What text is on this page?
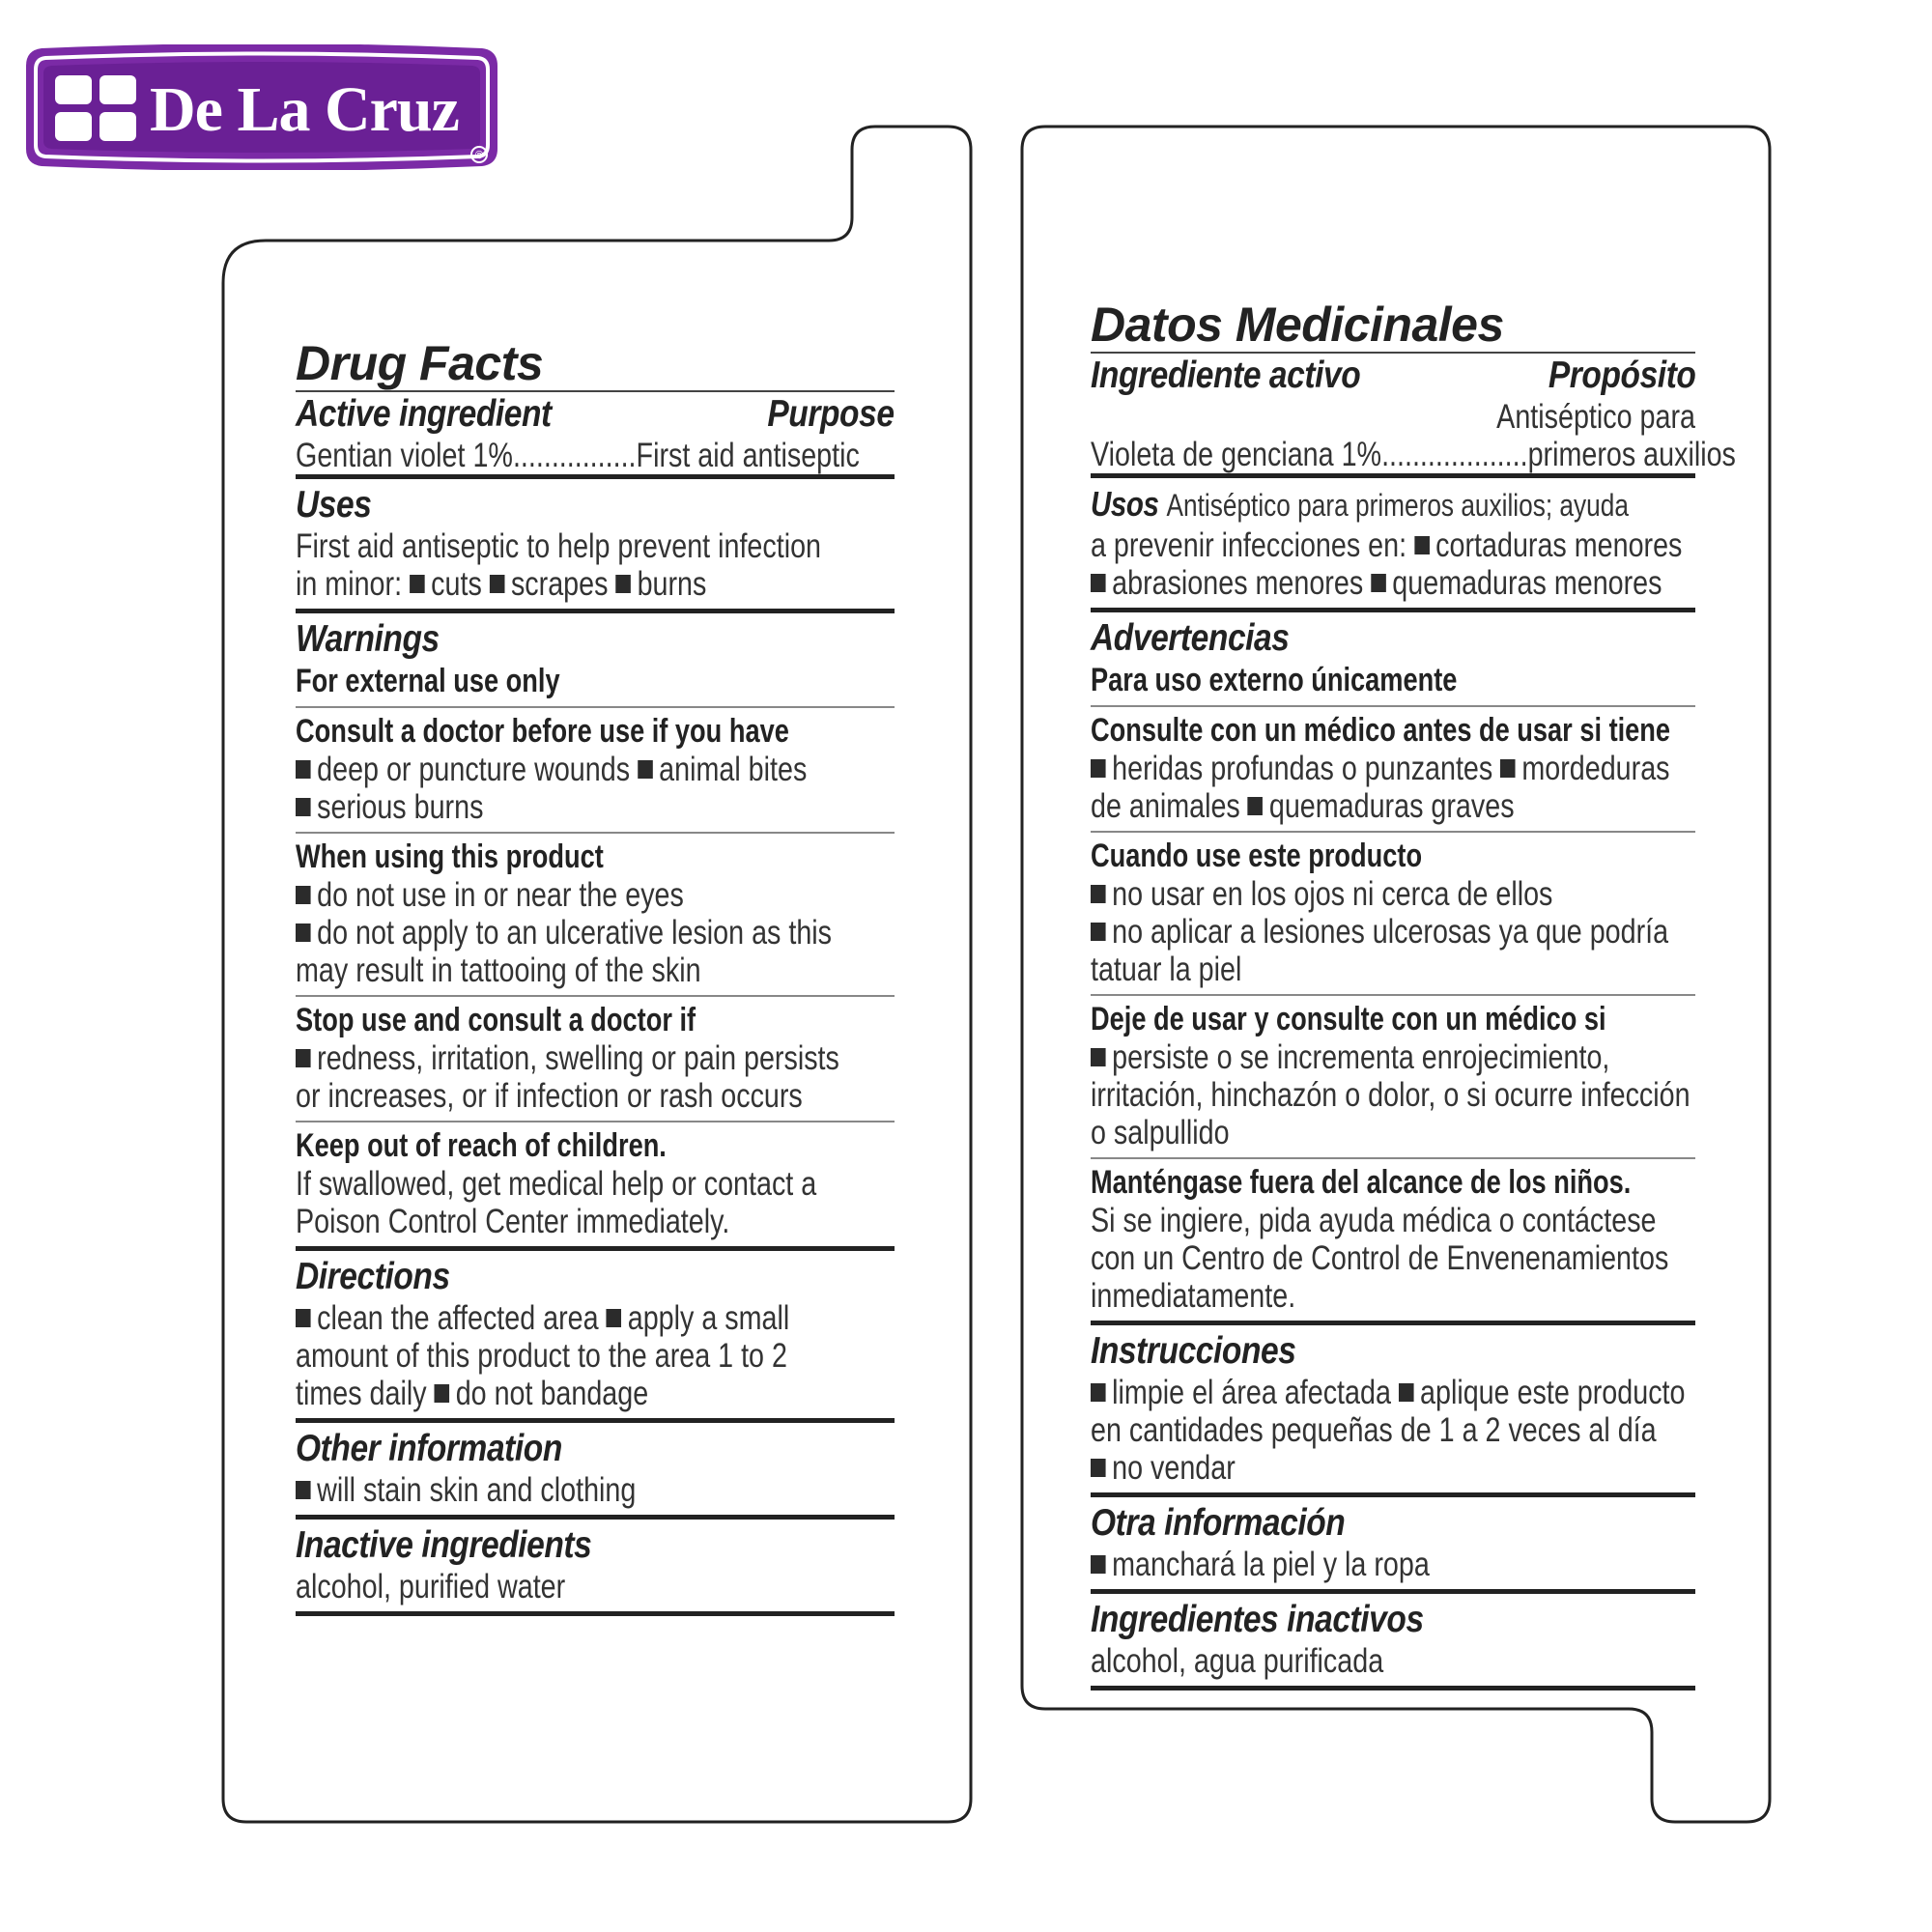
®
De La Cruz
Drug Facts
Active ingredient	Purpose
Gentian violet 1%................First aid antiseptic
Uses
First aid antiseptic to help prevent infection
in minor: cuts scrapes burns
Warnings
For external use only
Consult a doctor before use if you have
deep or puncture wounds animal bites
serious burns
When using this product
do not use in or near the eyes
do not apply to an ulcerative lesion as this
may result in tattooing of the skin
Stop use and consult a doctor if
redness, irritation, swelling or pain persists
or increases, or if infection or rash occurs
Keep out of reach of children.
If swallowed, get medical help or contact a
Poison Control Center immediately.
Directions
clean the affected area apply a small
amount of this product to the area 1 to 2
times daily do not bandage
Other information
will stain skin and clothing
Inactive ingredients
alcohol, purified water
Datos Medicinales
Ingrediente activo	Propósito
Antiséptico para
Violeta de genciana 1%...................primeros auxilios
Usos Antiséptico para primeros auxilios; ayuda
a prevenir infecciones en: cortaduras menores
abrasiones menores quemaduras menores
Advertencias
Para uso externo únicamente
Consulte con un médico antes de usar si tiene
heridas profundas o punzantes mordeduras
de animales quemaduras graves
Cuando use este producto
no usar en los ojos ni cerca de ellos
no aplicar a lesiones ulcerosas ya que podría
tatuar la piel
Deje de usar y consulte con un médico si
persiste o se incrementa enrojecimiento,
irritación, hinchazón o dolor, o si ocurre infección
o salpullido
Manténgase fuera del alcance de los niños.
Si se ingiere, pida ayuda médica o contáctese
con un Centro de Control de Envenenamientos
inmediatamente.
Instrucciones
limpie el área afectada aplique este producto
en cantidades pequeñas de 1 a 2 veces al día
no vendar
Otra información
manchará la piel y la ropa
Ingredientes inactivos
alcohol, agua purificada
